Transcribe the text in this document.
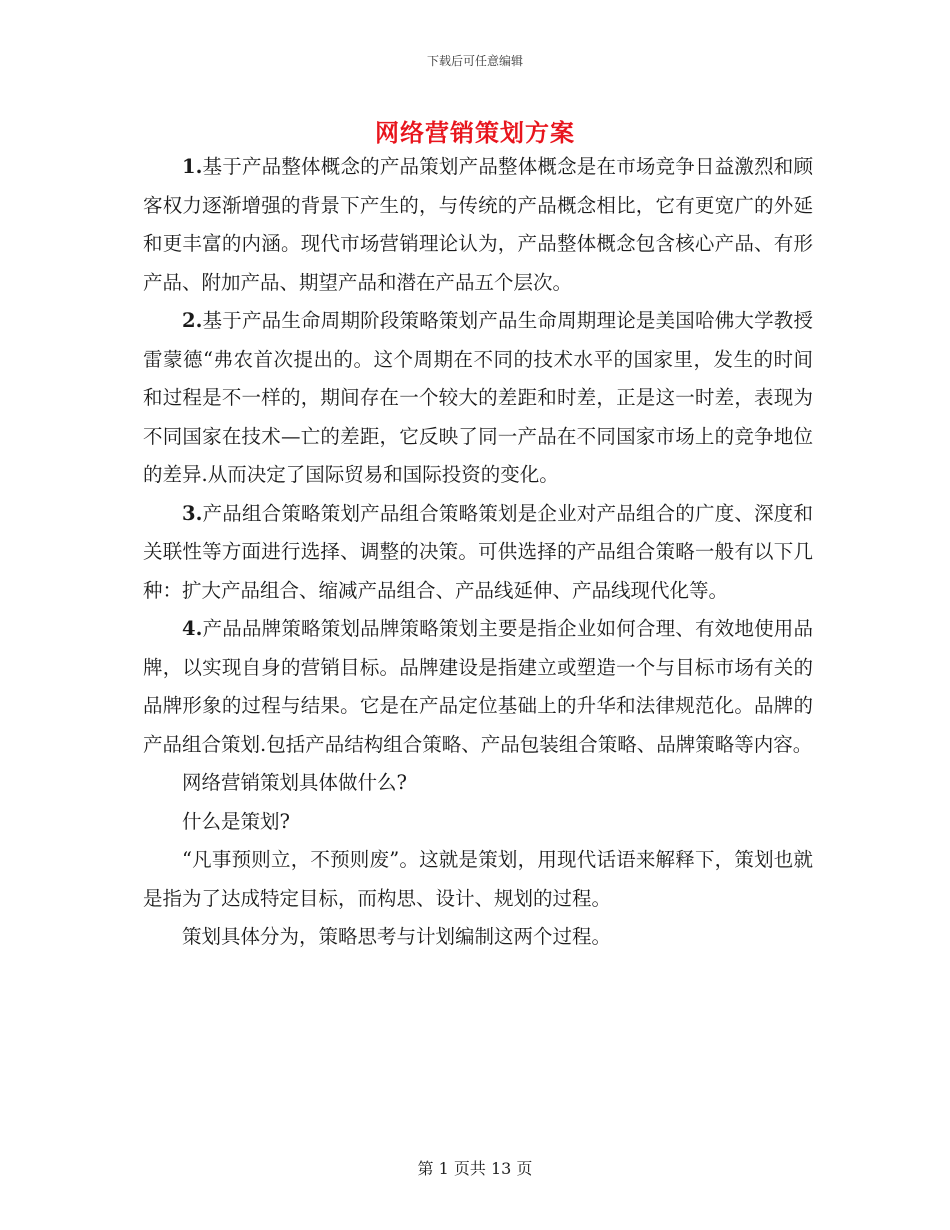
下载后可任意编辑
网络营销策划方案

1.基于产品整体概念的产品策划产品整体概念是在市场竞争日益激烈和顾客权力逐渐增强的背景下产生的，与传统的产品概念相比，它有更宽广的外延和更丰富的内涵。现代市场营销理论认为，产品整体概念包含核心产品、有形产品、附加产品、期望产品和潜在产品五个层次。

2.基于产品生命周期阶段策略策划产品生命周期理论是美国哈佛大学教授雷蒙德“弗农首次提出的。这个周期在不同的技术水平的国家里，发生的时间和过程是不一样的，期间存在一个较大的差距和时差，正是这一时差，表现为不同国家在技术—亡的差距，它反映了同一产品在不同国家市场上的竞争地位的差异.从而决定了国际贸易和国际投资的变化。

3.产品组合策略策划产品组合策略策划是企业对产品组合的广度、深度和关联性等方面进行选择、调整的决策。可供选择的产品组合策略一般有以下几种：扩大产品组合、缩减产品组合、产品线延伸、产品线现代化等。

4.产品品牌策略策划品牌策略策划主要是指企业如何合理、有效地使用品牌，以实现自身的营销目标。品牌建设是指建立或塑造一个与目标市场有关的品牌形象的过程与结果。它是在产品定位基础上的升华和法律规范化。品牌的产品组合策划.包括产品结构组合策略、产品包装组合策略、品牌策略等内容。

网络营销策划具体做什么?

什么是策划?

“凡事预则立，不预则废”。这就是策划，用现代话语来解释下，策划也就是指为了达成特定目标，而构思、设计、规划的过程。

策划具体分为，策略思考与计划编制这两个过程。

第 1 页共 13 页
